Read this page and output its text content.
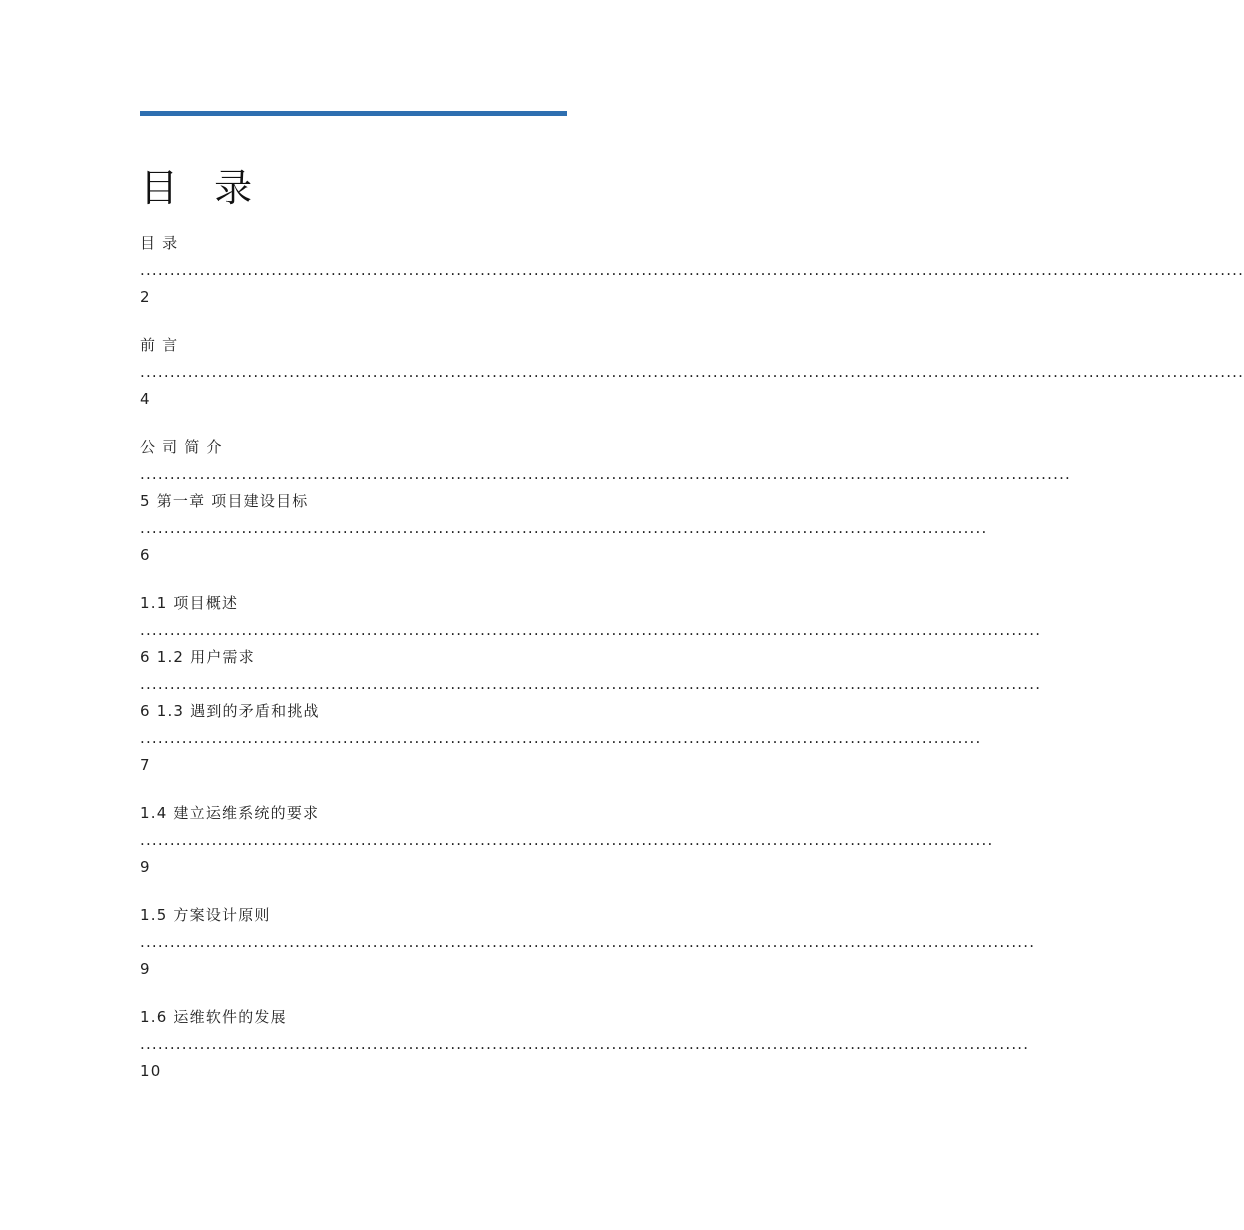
目 录

目 录 ......................................................................................................................................................................................... 2

前 言 ......................................................................................................................................................................................... 4

公 司 简 介 ............................................................................................................................................................ 5 第一章 项目建设目标 .............................................................................................................................................. 6

1.1 项目概述 ....................................................................................................................................................... 6 1.2 用户需求 ....................................................................................................................................................... 6 1.3 遇到的矛盾和挑战 ............................................................................................................................................. 7

1.4 建立运维系统的要求 ............................................................................................................................................... 9

1.5 方案设计原则 ...................................................................................................................................................... 9

1.6 运维软件的发展 ..................................................................................................................................................... 10
